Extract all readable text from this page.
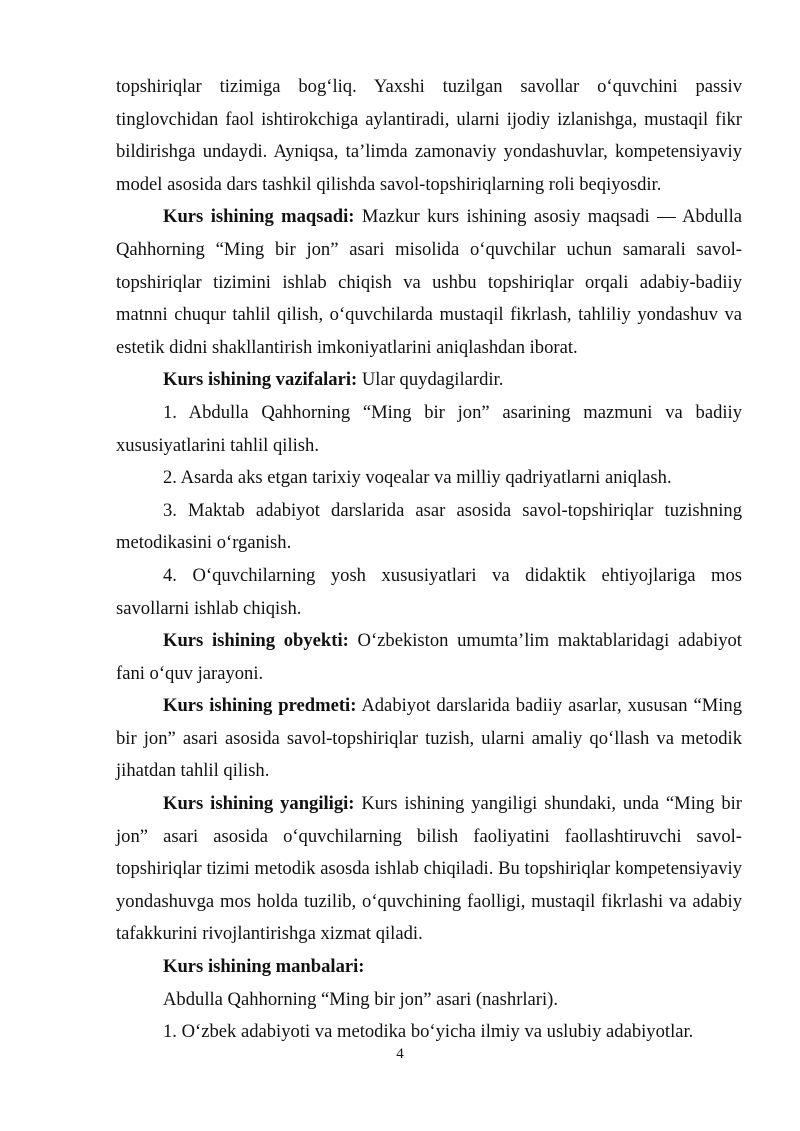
topshiriqlar tizimiga bog‘liq. Yaxshi tuzilgan savollar o‘quvchini passiv tinglovchidan faol ishtirokchiga aylantiradi, ularni ijodiy izlanishga, mustaqil fikr bildirishga undaydi. Ayniqsa, ta’limda zamonaviy yondashuvlar, kompetensiyaviy model asosida dars tashkil qilishda savol-topshiriqlarning roli beqiyosdir.

Kurs ishining maqsadi: Mazkur kurs ishining asosiy maqsadi — Abdulla Qahhorning “Ming bir jon” asari misolida o‘quvchilar uchun samarali savol-topshiriqlar tizimini ishlab chiqish va ushbu topshiriqlar orqali adabiy-badiiy matnni chuqur tahlil qilish, o‘quvchilarda mustaqil fikrlash, tahliliy yondashuv va estetik didni shakllantirish imkoniyatlarini aniqlashdan iborat.

Kurs ishining vazifalari: Ular quydagilardir.

1. Abdulla Qahhorning “Ming bir jon” asarining mazmuni va badiiy xususiyatlarini tahlil qilish.

2. Asarda aks etgan tarixiy voqealar va milliy qadriyatlarni aniqlash.

3. Maktab adabiyot darslarida asar asosida savol-topshiriqlar tuzishning metodikasini o‘rganish.

4. O‘quvchilarning yosh xususiyatlari va didaktik ehtiyojlariga mos savollarni ishlab chiqish.

Kurs ishining obyekti: O‘zbekiston umumta’lim maktablaridagi adabiyot fani o‘quv jarayoni.

Kurs ishining predmeti: Adabiyot darslarida badiiy asarlar, xususan “Ming bir jon” asari asosida savol-topshiriqlar tuzish, ularni amaliy qo‘llash va metodik jihatdan tahlil qilish.

Kurs ishining yangiligi: Kurs ishining yangiligi shundaki, unda “Ming bir jon” asari asosida o‘quvchilarning bilish faoliyatini faollashtiruvchi savol-topshiriqlar tizimi metodik asosda ishlab chiqiladi. Bu topshiriqlar kompetensiyaviy yondashuvga mos holda tuzilib, o‘quvchining faolligi, mustaqil fikrlashi va adabiy tafakkurini rivojlantirishga xizmat qiladi.

Kurs ishining manbalari:

Abdulla Qahhorning “Ming bir jon” asari (nashrlari).

1. O‘zbek adabiyoti va metodika bo‘yicha ilmiy va uslubiy adabiyotlar.

4
